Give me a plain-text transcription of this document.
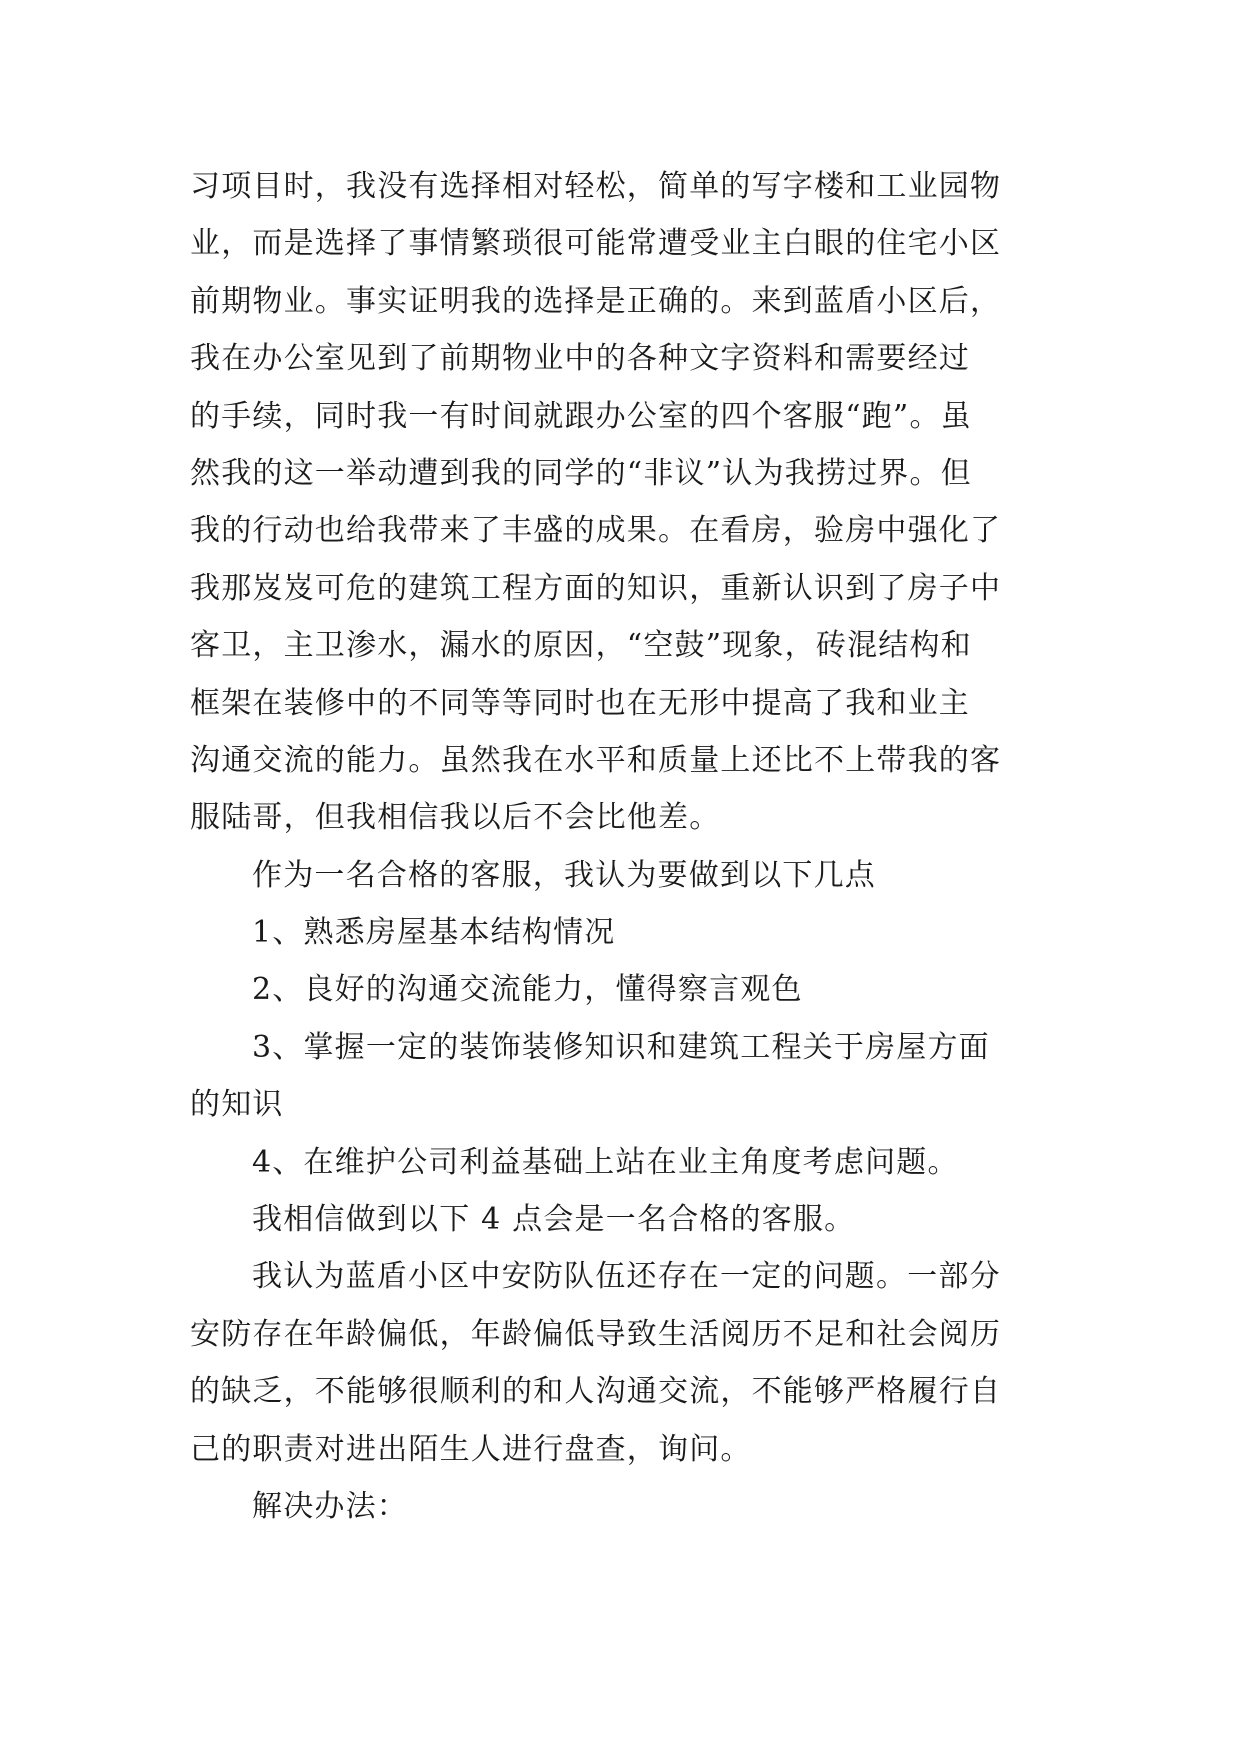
习项目时，我没有选择相对轻松，简单的写字楼和工业园物
业，而是选择了事情繁琐很可能常遭受业主白眼的住宅小区
前期物业。事实证明我的选择是正确的。来到蓝盾小区后，
我在办公室见到了前期物业中的各种文字资料和需要经过
的手续，同时我一有时间就跟办公室的四个客服“跑”。虽
然我的这一举动遭到我的同学的“非议”认为我捞过界。但
我的行动也给我带来了丰盛的成果。在看房，验房中强化了
我那岌岌可危的建筑工程方面的知识，重新认识到了房子中
客卫，主卫渗水，漏水的原因，“空鼓”现象，砖混结构和
框架在装修中的不同等等同时也在无形中提高了我和业主
沟通交流的能力。虽然我在水平和质量上还比不上带我的客
服陆哥，但我相信我以后不会比他差。
作为一名合格的客服，我认为要做到以下几点
1、熟悉房屋基本结构情况
2、良好的沟通交流能力，懂得察言观色
3、掌握一定的装饰装修知识和建筑工程关于房屋方面
的知识
4、在维护公司利益基础上站在业主角度考虑问题。
我相信做到以下 4 点会是一名合格的客服。
我认为蓝盾小区中安防队伍还存在一定的问题。一部分
安防存在年龄偏低，年龄偏低导致生活阅历不足和社会阅历
的缺乏，不能够很顺利的和人沟通交流，不能够严格履行自
己的职责对进出陌生人进行盘查，询问。
解决办法：
